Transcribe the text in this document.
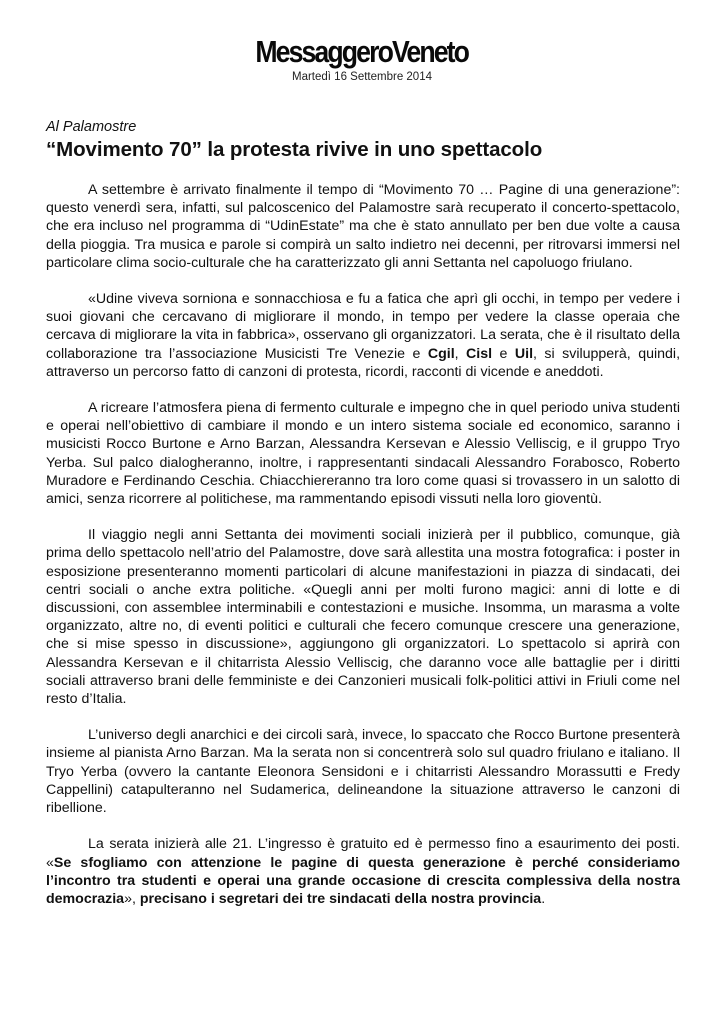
MessaggeroVeneto
Martedì 16 Settembre 2014

Al Palamostre

“Movimento 70” la protesta rivive in uno spettacolo

A settembre è arrivato finalmente il tempo di “Movimento 70 … Pagine di una generazione”: questo venerdì sera, infatti, sul palcoscenico del Palamostre sarà recuperato il concerto-spettacolo, che era incluso nel programma di “UdinEstate” ma che è stato annullato per ben due volte a causa della pioggia. Tra musica e parole si compirà un salto indietro nei decenni, per ritrovarsi immersi nel particolare clima socio-culturale che ha caratterizzato gli anni Settanta nel capoluogo friulano.

«Udine viveva sorniona e sonnacchiosa e fu a fatica che aprì gli occhi, in tempo per vedere i suoi giovani che cercavano di migliorare il mondo, in tempo per vedere la classe operaia che cercava di migliorare la vita in fabbrica», osservano gli organizzatori. La serata, che è il risultato della collaborazione tra l’associazione Musicisti Tre Venezie e Cgil, Cisl e Uil, si svilupperà, quindi, attraverso un percorso fatto di canzoni di protesta, ricordi, racconti di vicende e aneddoti.

A ricreare l’atmosfera piena di fermento culturale e impegno che in quel periodo univa studenti e operai nell’obiettivo di cambiare il mondo e un intero sistema sociale ed economico, saranno i musicisti Rocco Burtone e Arno Barzan, Alessandra Kersevan e Alessio Velliscig, e il gruppo Tryo Yerba. Sul palco dialogheranno, inoltre, i rappresentanti sindacali Alessandro Forabosco, Roberto Muradore e Ferdinando Ceschia. Chiacchiereranno tra loro come quasi si trovassero in un salotto di amici, senza ricorrere al politichese, ma rammentando episodi vissuti nella loro gioventù.

Il viaggio negli anni Settanta dei movimenti sociali inizierà per il pubblico, comunque, già prima dello spettacolo nell’atrio del Palamostre, dove sarà allestita una mostra fotografica: i poster in esposizione presenteranno momenti particolari di alcune manifestazioni in piazza di sindacati, dei centri sociali o anche extra politiche. «Quegli anni per molti furono magici: anni di lotte e di discussioni, con assemblee interminabili e contestazioni e musiche. Insomma, un marasma a volte organizzato, altre no, di eventi politici e culturali che fecero comunque crescere una generazione, che si mise spesso in discussione», aggiungono gli organizzatori. Lo spettacolo si aprirà con Alessandra Kersevan e il chitarrista Alessio Velliscig, che daranno voce alle battaglie per i diritti sociali attraverso brani delle femministe e dei Canzonieri musicali folk-politici attivi in Friuli come nel resto d’Italia.

L’universo degli anarchici e dei circoli sarà, invece, lo spaccato che Rocco Burtone presenterà insieme al pianista Arno Barzan. Ma la serata non si concentrerà solo sul quadro friulano e italiano. Il Tryo Yerba (ovvero la cantante Eleonora Sensidoni e i chitarristi Alessandro Morassutti e Fredy Cappellini) catapulteranno nel Sudamerica, delineandone la situazione attraverso le canzoni di ribellione.

La serata inizierà alle 21. L’ingresso è gratuito ed è permesso fino a esaurimento dei posti. «Se sfogliamo con attenzione le pagine di questa generazione è perché consideriamo l’incontro tra studenti e operai una grande occasione di crescita complessiva della nostra democrazia», precisano i segretari dei tre sindacati della nostra provincia.
